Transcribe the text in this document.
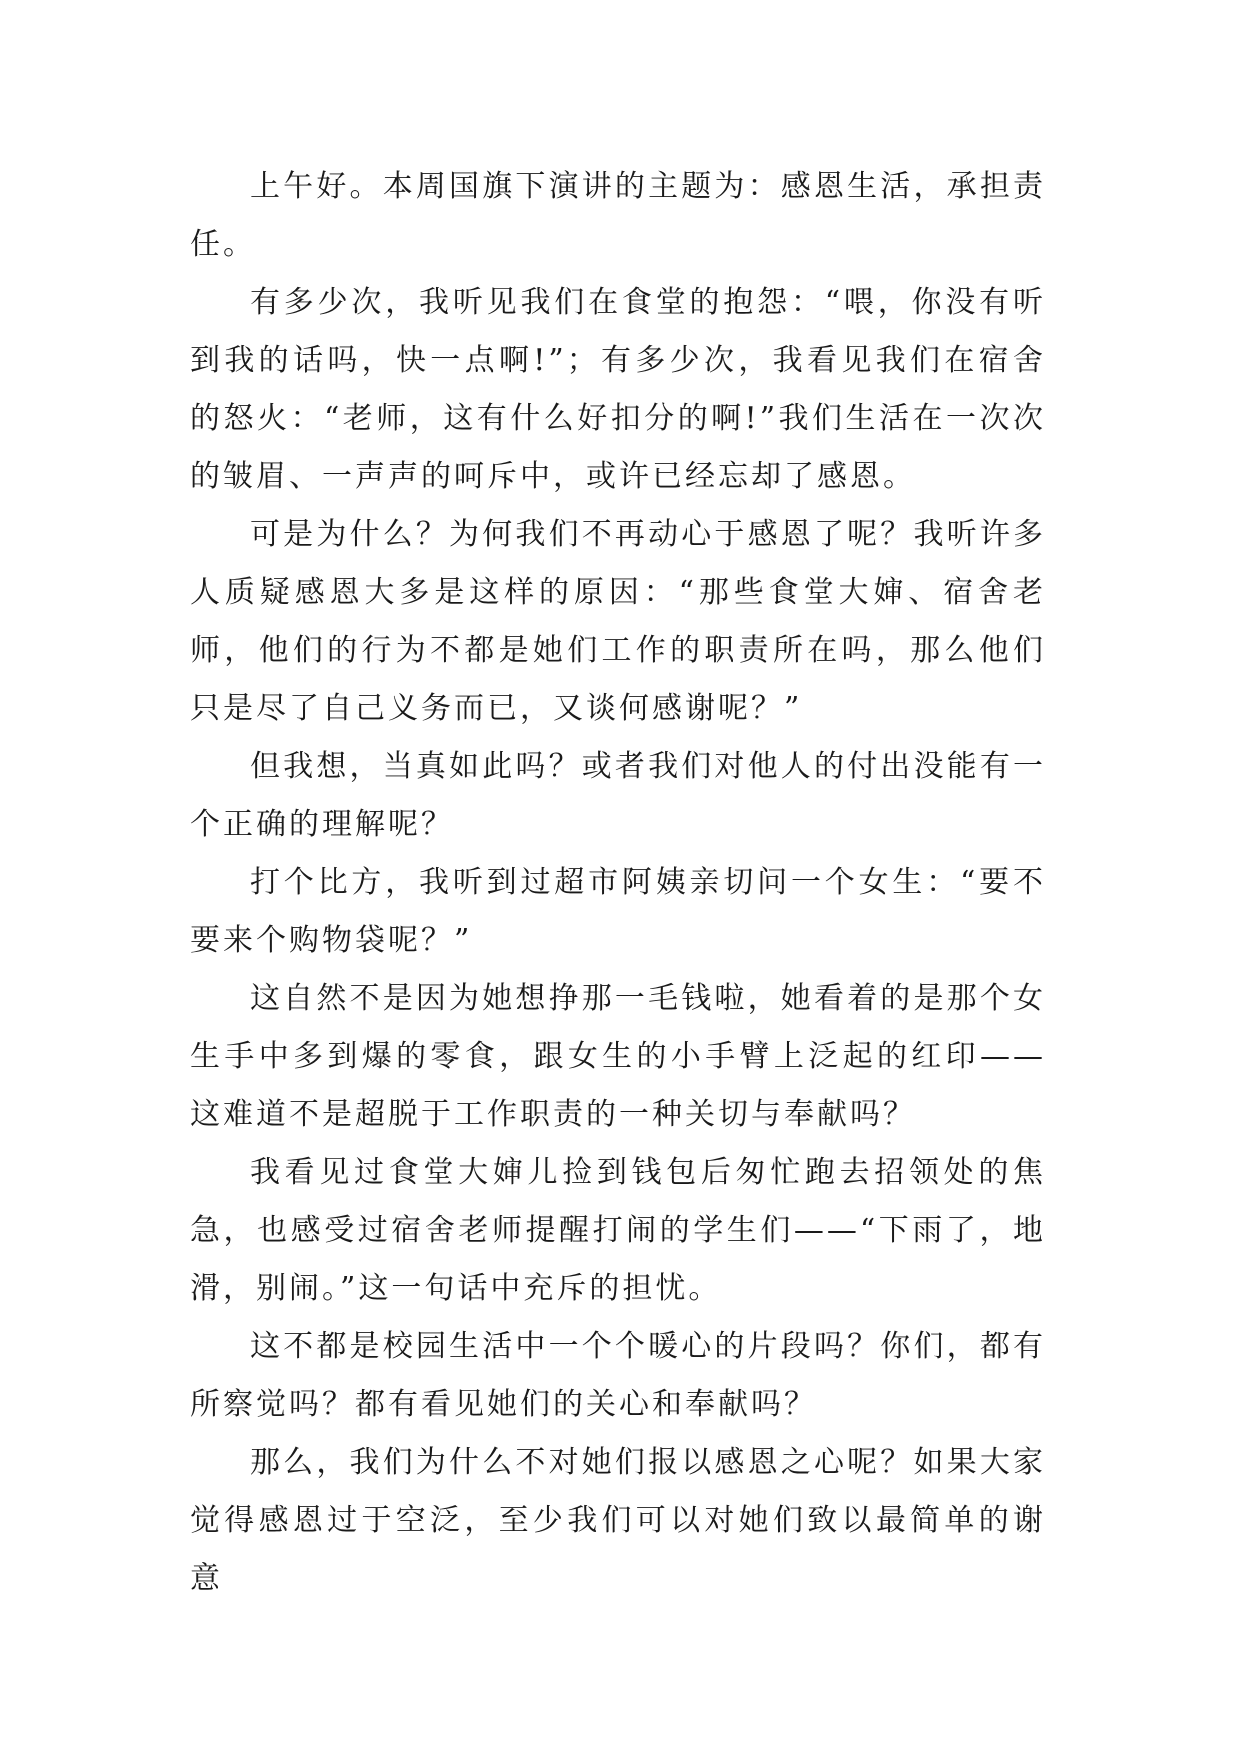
上午好。本周国旗下演讲的主题为：感恩生活，承担责任。

有多少次，我听见我们在食堂的抱怨：“喂，你没有听到我的话吗，快一点啊!”；有多少次，我看见我们在宿舍的怒火：“老师，这有什么好扣分的啊!”我们生活在一次次的皱眉、一声声的呵斥中，或许已经忘却了感恩。

可是为什么？为何我们不再动心于感恩了呢？我听许多人质疑感恩大多是这样的原因：“那些食堂大婶、宿舍老师，他们的行为不都是她们工作的职责所在吗，那么他们只是尽了自己义务而已，又谈何感谢呢？”

但我想，当真如此吗？或者我们对他人的付出没能有一个正确的理解呢？

打个比方，我听到过超市阿姨亲切问一个女生：“要不要来个购物袋呢？”

这自然不是因为她想挣那一毛钱啦，她看着的是那个女生手中多到爆的零食，跟女生的小手臂上泛起的红印——这难道不是超脱于工作职责的一种关切与奉献吗？

我看见过食堂大婶儿捡到钱包后匆忙跑去招领处的焦急，也感受过宿舍老师提醒打闹的学生们——“下雨了，地滑，别闹。”这一句话中充斥的担忧。

这不都是校园生活中一个个暖心的片段吗？你们，都有所察觉吗？都有看见她们的关心和奉献吗？

那么，我们为什么不对她们报以感恩之心呢？如果大家觉得感恩过于空泛，至少我们可以对她们致以最简单的谢意
